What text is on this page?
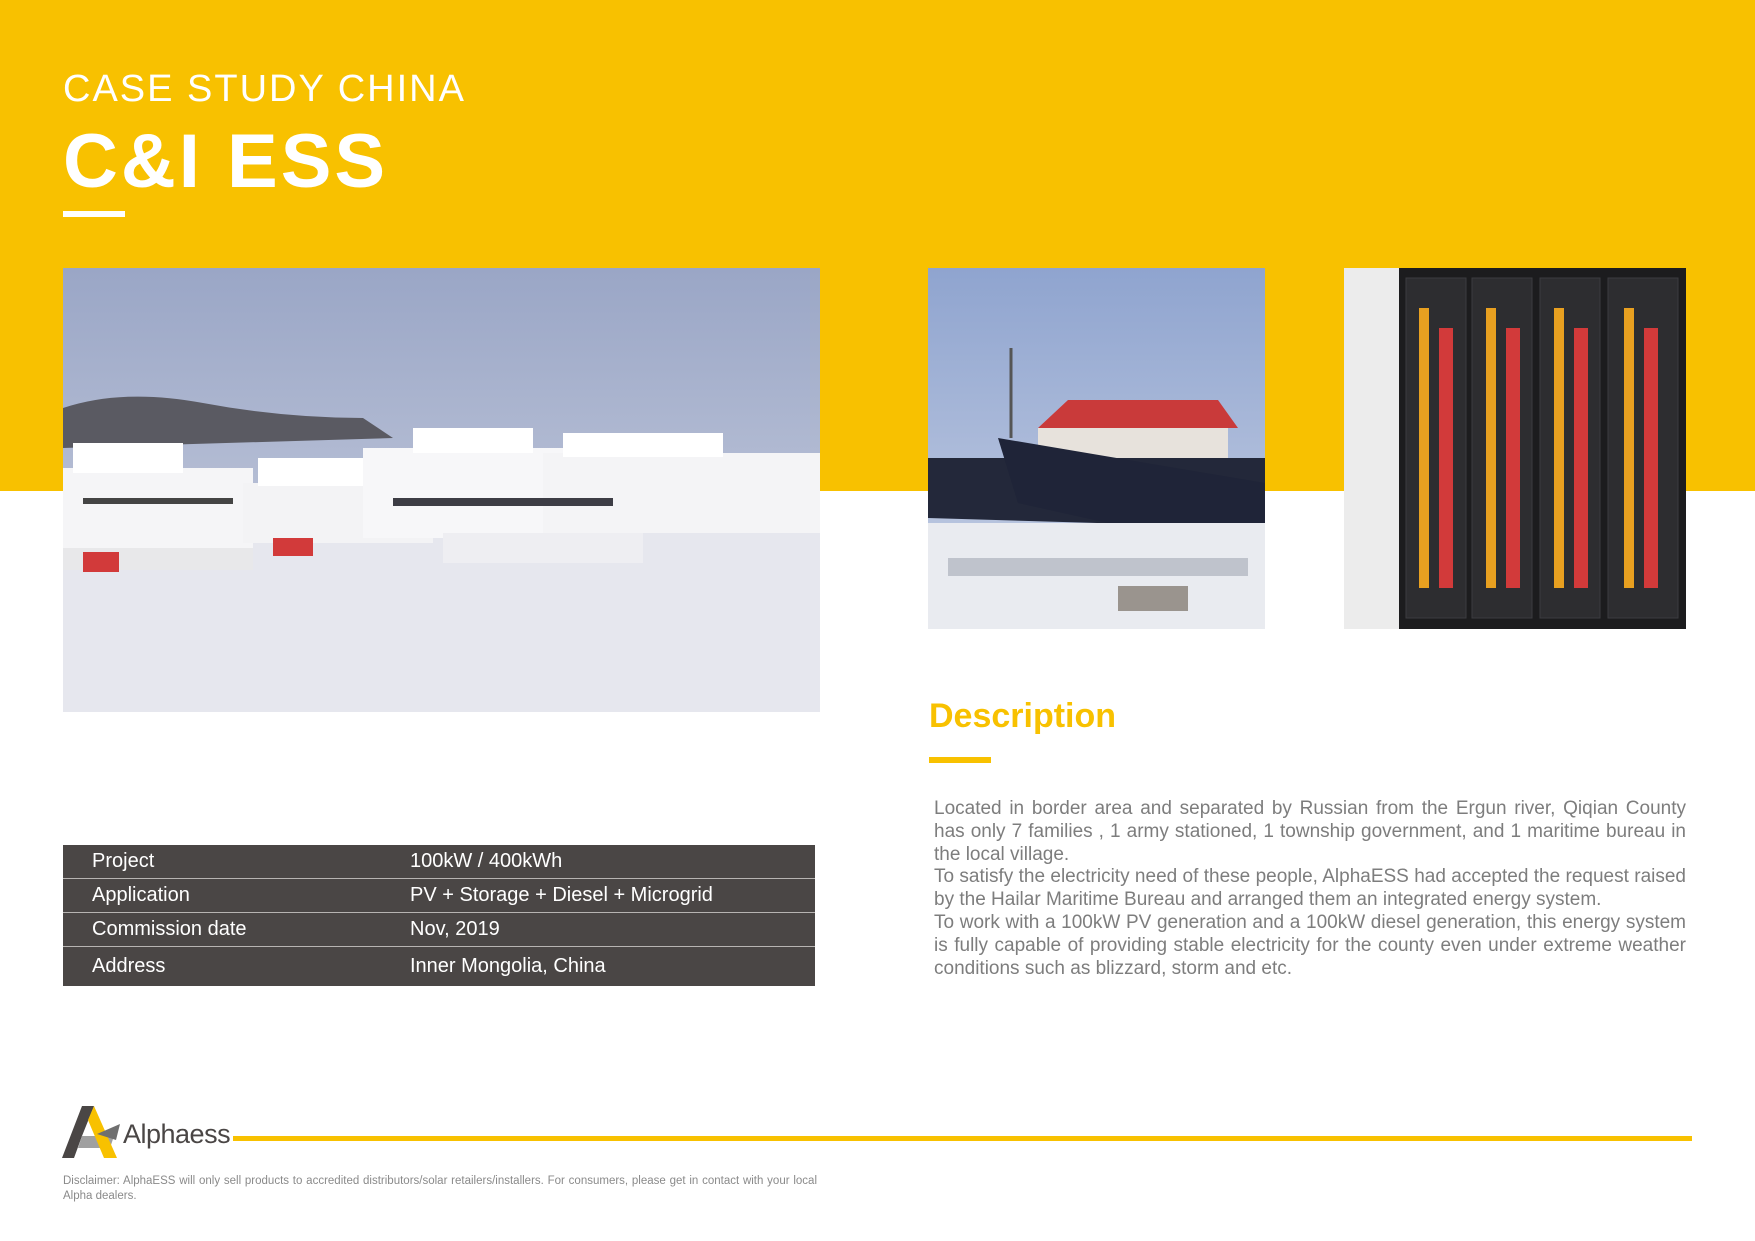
CASE STUDY CHINA
C&I ESS
Description

Located in border area and separated by Russian from the Ergun river, Qiqian County has only 7 families , 1 army stationed, 1 township government, and 1 maritime bureau in the local village.

To satisfy the electricity need of these people, AlphaESS had accepted the request raised by the Hailar Maritime Bureau and arranged them an integrated energy system.

To work with a 100kW PV generation and a 100kW diesel generation, this energy system is fully capable of providing stable electricity for the county even under extreme weather conditions such as blizzard, storm and etc.

Project	100kW / 400kWh
Application	PV + Storage + Diesel + Microgrid
Commission date	Nov, 2019
Address	Inner Mongolia, China
Alphaess
Disclaimer: AlphaESS will only sell products to accredited distributors/solar retailers/installers. For consumers, please get in contact with your local Alpha dealers.
